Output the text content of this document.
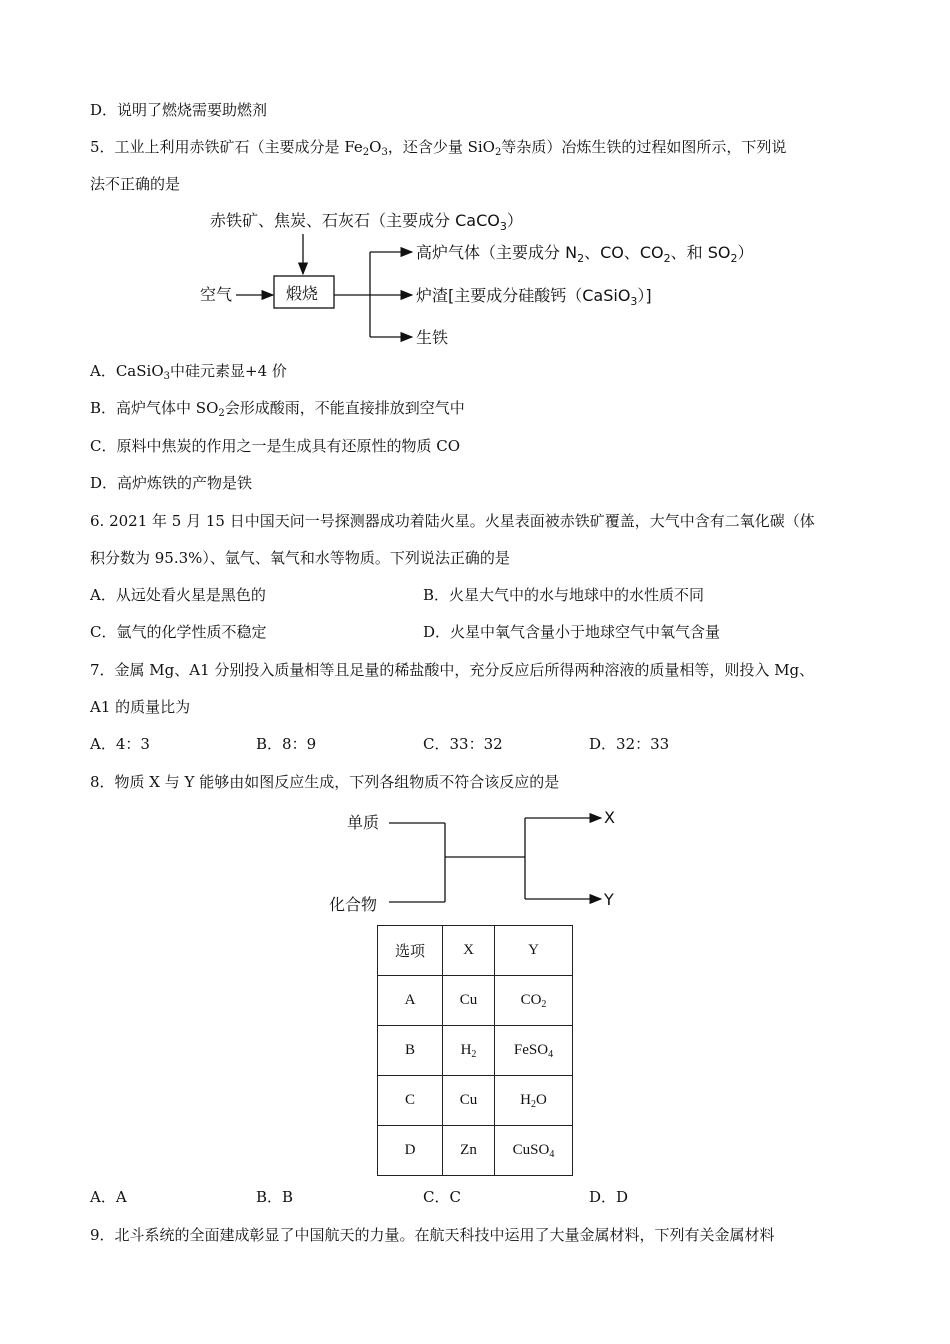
D．说明了燃烧需要助燃剂
5．工业上利用赤铁矿石（主要成分是 $Fe_2O_3$，还含少量 SiO$_2$等杂质）冶炼生铁的过程如图所示，下列说
法不正确的是
赤铁矿、焦炭、石灰石（主要成分 CaCO$_3$）
空气	煅烧
高炉气体（主要成分 $N_2$、CO、$CO_2$、和 $SO_2$）
炉渣[主要成分硅酸钙（CaSiO$_3$）]
生铁
A．CaSiO$_3$中硅元素显+4 价
B．高炉气体中 $SO_2$会形成酸雨，不能直接排放到空气中
C．原料中焦炭的作用之一是生成具有还原性的物质 CO
D．高炉炼铁的产物是铁
6. 2021 年 5 月 15 日中国天问一号探测器成功着陆火星。火星表面被赤铁矿覆盖，大气中含有二氧化碳（体
积分数为 95.3%）、氩气、氧气和水等物质。下列说法正确的是
A．从远处看火星是黑色的	B．火星大气中的水与地球中的水性质不同
C．氩气的化学性质不稳定	D．火星中氧气含量小于地球空气中氧气含量
7．金属 Mg、A1 分别投入质量相等且足量的稀盐酸中，充分反应后所得两种溶液的质量相等，则投入 Mg、
A1 的质量比为
A．4：3	B．8：9	C．33：32	D．32：33
8．物质 X 与 Y 能够由如图反应生成，下列各组物质不符合该反应的是
单质
化合物
X
Y
选项	X	Y
A	Cu	$CO_2$
B	$H_2$	FeSO$_4$
C	Cu	$H_2O$
D	Zn	CuSO$_4$
A．A	B．B	C．C	D．D
9．北斗系统的全面建成彰显了中国航天的力量。在航天科技中运用了大量金属材料，下列有关金属材料
